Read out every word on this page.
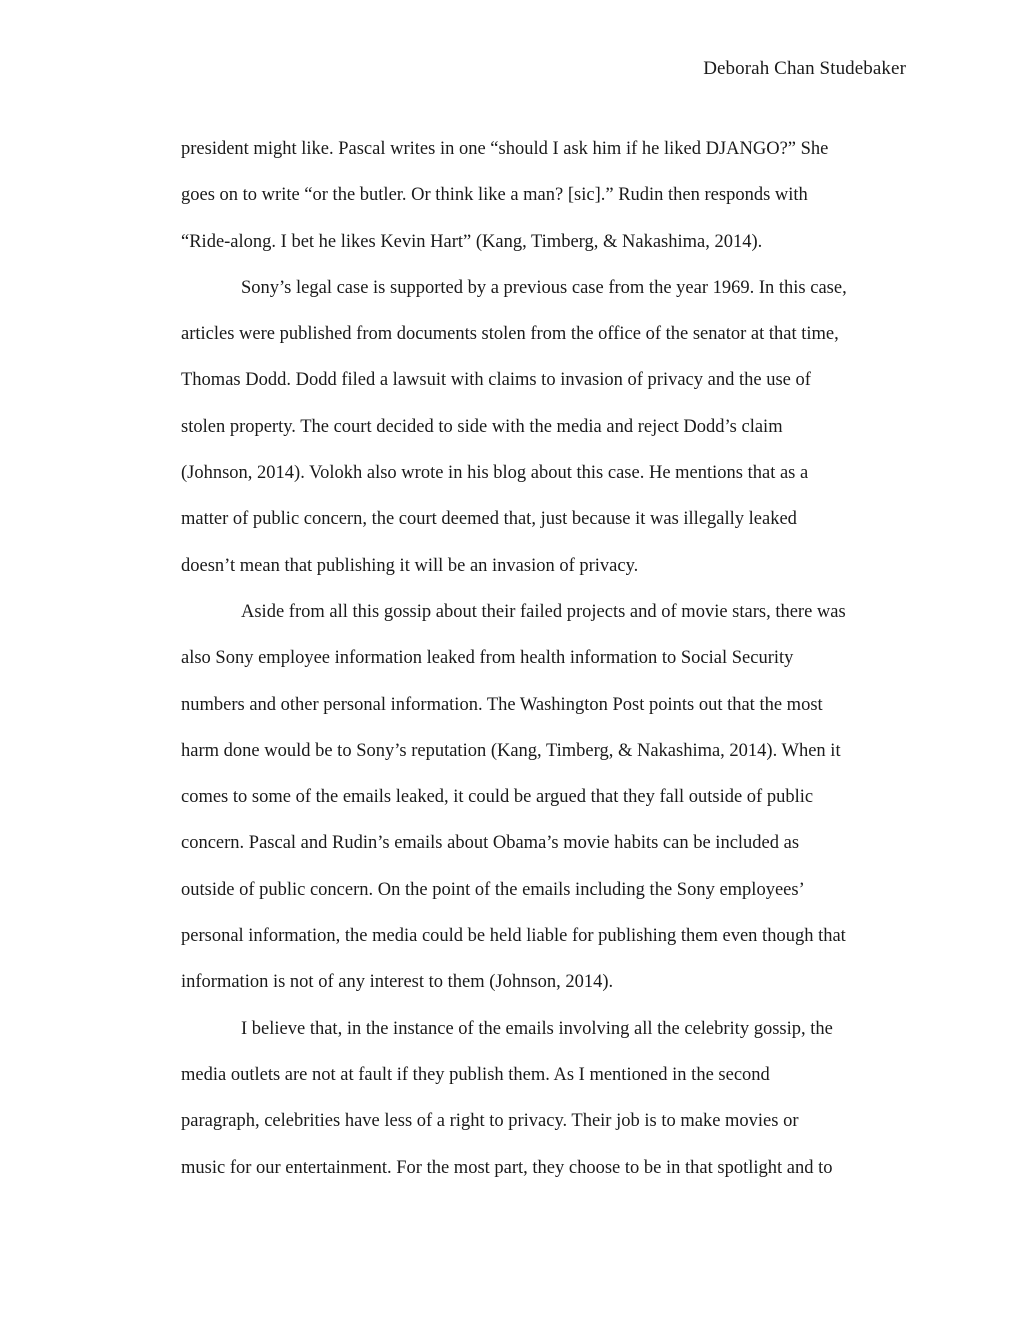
Deborah Chan Studebaker
president might like. Pascal writes in one “should I ask him if he liked DJANGO?” She
goes on to write “or the butler. Or think like a man? [sic].” Rudin then responds with
“Ride-along. I bet he likes Kevin Hart” (Kang, Timberg, & Nakashima, 2014).
Sony’s legal case is supported by a previous case from the year 1969. In this case,
articles were published from documents stolen from the office of the senator at that time,
Thomas Dodd. Dodd filed a lawsuit with claims to invasion of privacy and the use of
stolen property. The court decided to side with the media and reject Dodd’s claim
(Johnson, 2014). Volokh also wrote in his blog about this case. He mentions that as a
matter of public concern, the court deemed that, just because it was illegally leaked
doesn’t mean that publishing it will be an invasion of privacy.
Aside from all this gossip about their failed projects and of movie stars, there was
also Sony employee information leaked from health information to Social Security
numbers and other personal information. The Washington Post points out that the most
harm done would be to Sony’s reputation (Kang, Timberg, & Nakashima, 2014). When it
comes to some of the emails leaked, it could be argued that they fall outside of public
concern. Pascal and Rudin’s emails about Obama’s movie habits can be included as
outside of public concern. On the point of the emails including the Sony employees’
personal information, the media could be held liable for publishing them even though that
information is not of any interest to them (Johnson, 2014).
I believe that, in the instance of the emails involving all the celebrity gossip, the
media outlets are not at fault if they publish them. As I mentioned in the second
paragraph, celebrities have less of a right to privacy. Their job is to make movies or
music for our entertainment. For the most part, they choose to be in that spotlight and to
